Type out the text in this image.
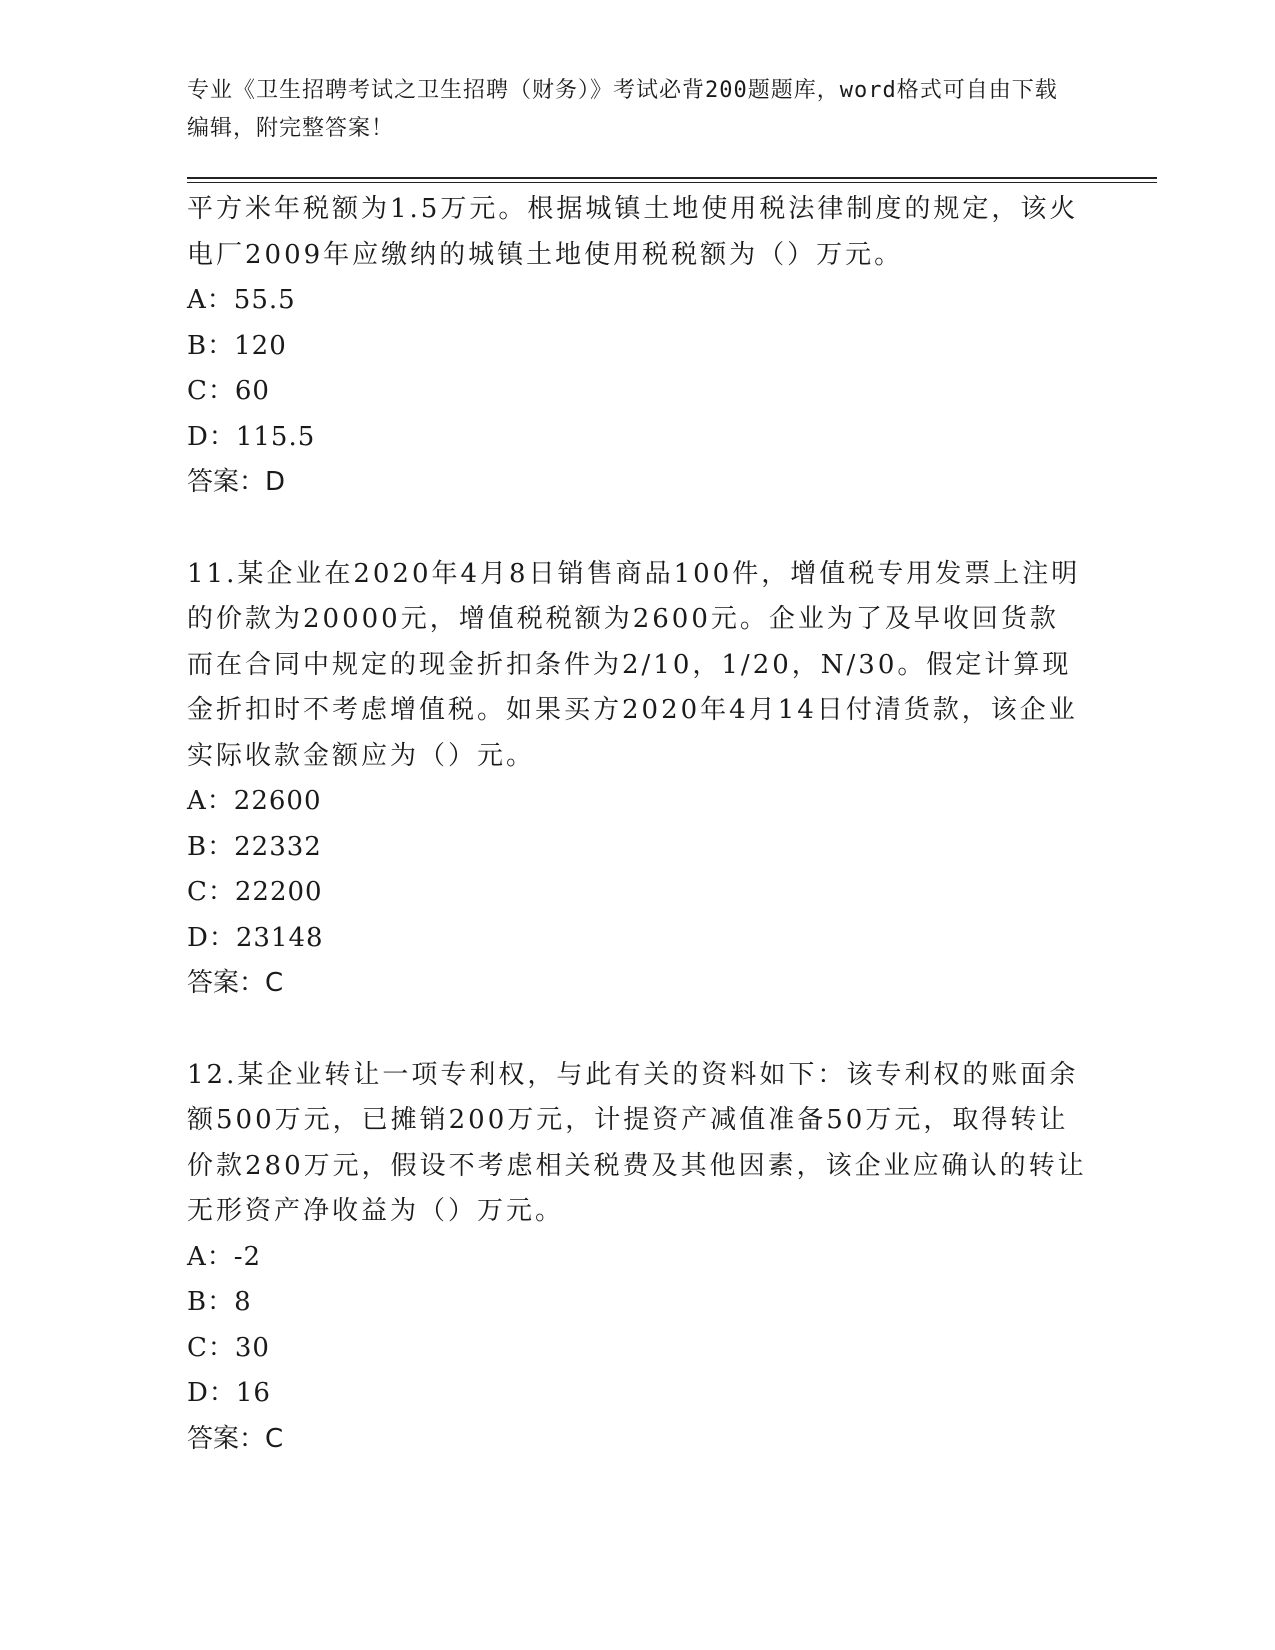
专业《卫生招聘考试之卫生招聘（财务）》考试必背200题题库，word格式可自由下载编辑，附完整答案！

平方米年税额为1.5万元。根据城镇土地使用税法律制度的规定，该火电厂2009年应缴纳的城镇土地使用税税额为（）万元。

A：55.5

B：120

C：60

D：115.5

答案：D

11.某企业在2020年4月8日销售商品100件，增值税专用发票上注明的价款为20000元，增值税税额为2600元。企业为了及早收回货款而在合同中规定的现金折扣条件为2/10，1/20，N/30。假定计算现金折扣时不考虑增值税。如果买方2020年4月14日付清货款，该企业实际收款金额应为（）元。

A：22600

B：22332

C：22200

D：23148

答案：C

12.某企业转让一项专利权，与此有关的资料如下：该专利权的账面余额500万元，已摊销200万元，计提资产减值准备50万元，取得转让价款280万元，假设不考虑相关税费及其他因素，该企业应确认的转让无形资产净收益为（）万元。

A：-2

B：8

C：30

D：16

答案：C
